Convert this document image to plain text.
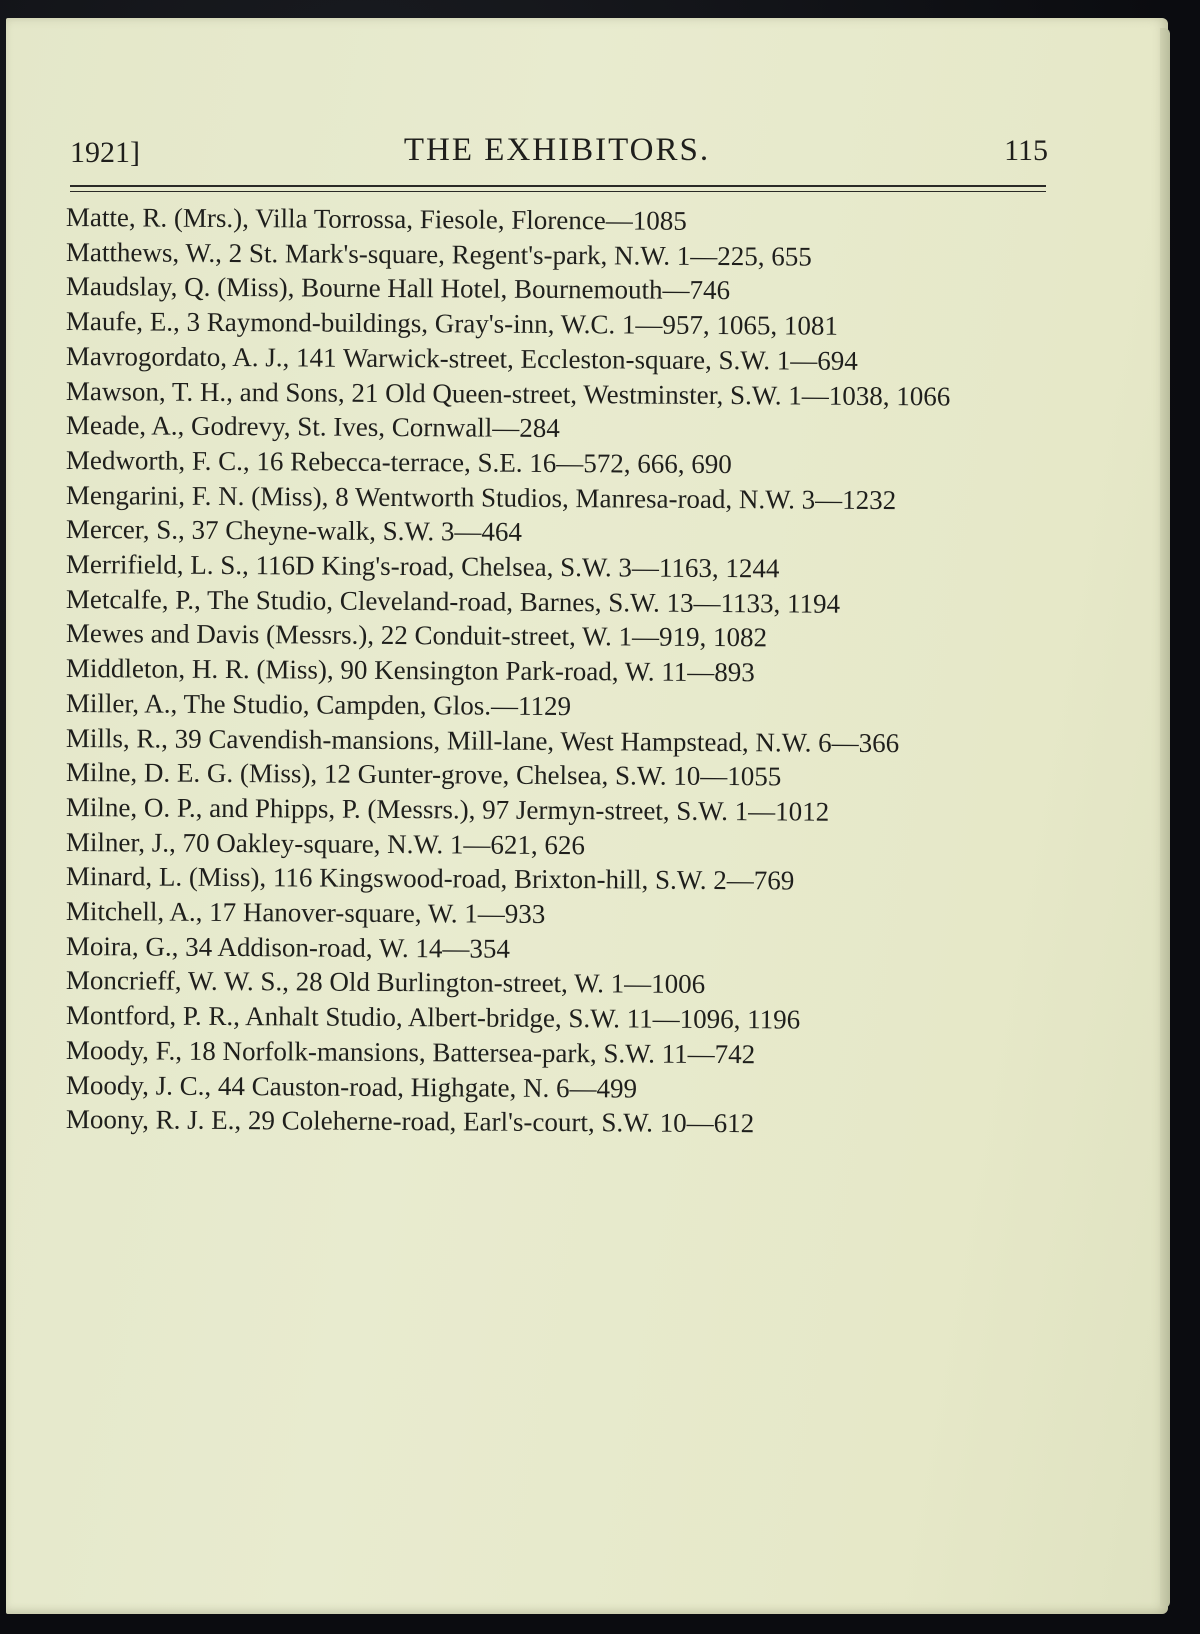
1921]	THE EXHIBITORS.	115
Matte, R. (Mrs.), Villa Torrossa, Fiesole, Florence—1085
Matthews, W., 2 St. Mark's-square, Regent's-park, N.W. 1—225, 655
Maudslay, Q. (Miss), Bourne Hall Hotel, Bournemouth—746
Maufe, E., 3 Raymond-buildings, Gray's-inn, W.C. 1—957, 1065, 1081
Mavrogordato, A. J., 141 Warwick-street, Eccleston-square, S.W. 1—694
Mawson, T. H., and Sons, 21 Old Queen-street, Westminster, S.W. 1—1038, 1066
Meade, A., Godrevy, St. Ives, Cornwall—284
Medworth, F. C., 16 Rebecca-terrace, S.E. 16—572, 666, 690
Mengarini, F. N. (Miss), 8 Wentworth Studios, Manresa-road, N.W. 3—1232
Mercer, S., 37 Cheyne-walk, S.W. 3—464
Merrifield, L. S., 116D King's-road, Chelsea, S.W. 3—1163, 1244
Metcalfe, P., The Studio, Cleveland-road, Barnes, S.W. 13—1133, 1194
Mewes and Davis (Messrs.), 22 Conduit-street, W. 1—919, 1082
Middleton, H. R. (Miss), 90 Kensington Park-road, W. 11—893
Miller, A., The Studio, Campden, Glos.—1129
Mills, R., 39 Cavendish-mansions, Mill-lane, West Hampstead, N.W. 6—366
Milne, D. E. G. (Miss), 12 Gunter-grove, Chelsea, S.W. 10—1055
Milne, O. P., and Phipps, P. (Messrs.), 97 Jermyn-street, S.W. 1—1012
Milner, J., 70 Oakley-square, N.W. 1—621, 626
Minard, L. (Miss), 116 Kingswood-road, Brixton-hill, S.W. 2—769
Mitchell, A., 17 Hanover-square, W. 1—933
Moira, G., 34 Addison-road, W. 14—354
Moncrieff, W. W. S., 28 Old Burlington-street, W. 1—1006
Montford, P. R., Anhalt Studio, Albert-bridge, S.W. 11—1096, 1196
Moody, F., 18 Norfolk-mansions, Battersea-park, S.W. 11—742
Moody, J. C., 44 Causton-road, Highgate, N. 6—499
Moony, R. J. E., 29 Coleherne-road, Earl's-court, S.W. 10—612
